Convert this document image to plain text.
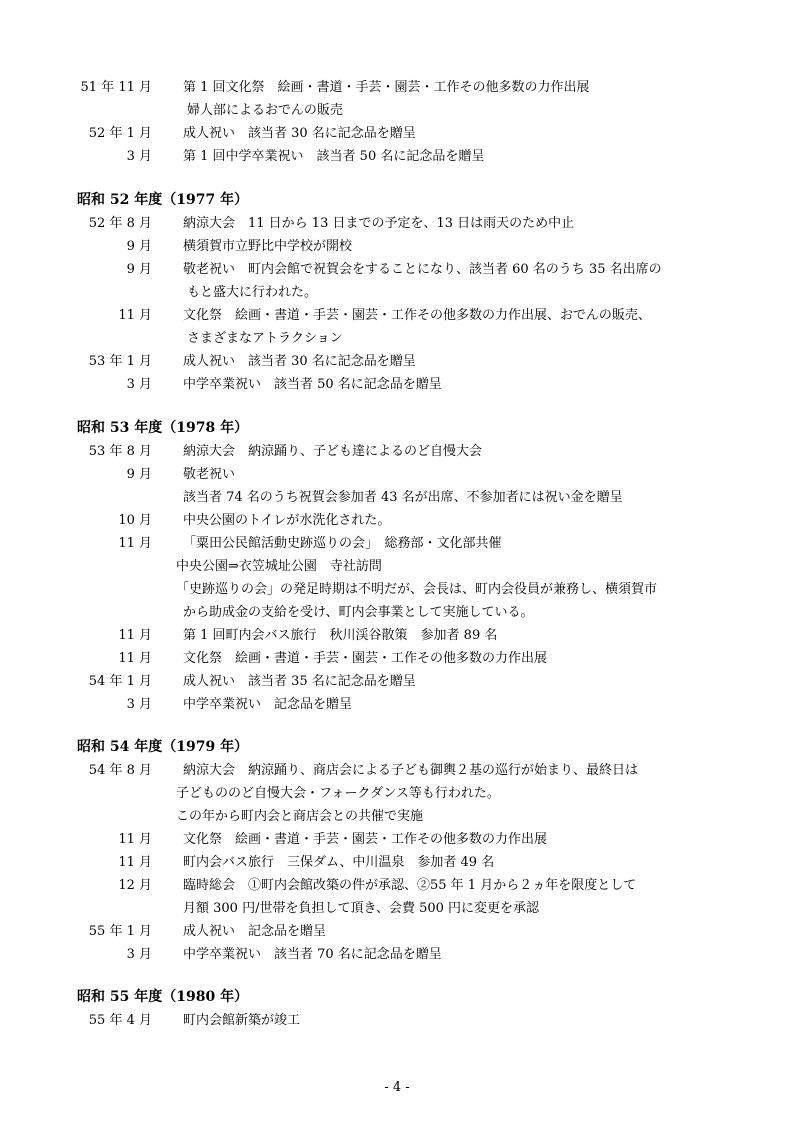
51 年 11 月 第 1 回文化祭　絵画・書道・手芸・園芸・工作その他多数の力作出展
婦人部によるおでんの販売
52 年 1 月 成人祝い　該当者 30 名に記念品を贈呈
3 月 第 1 回中学卒業祝い　該当者 50 名に記念品を贈呈
昭和 52 年度（1977 年）
52 年 8 月 納涼大会　11 日から 13 日までの予定を、13 日は雨天のため中止
9 月 横須賀市立野比中学校が開校
9 月 敬老祝い　町内会館で祝賀会をすることになり、該当者 60 名のうち 35 名出席の
もと盛大に行われた。
11 月 文化祭　絵画・書道・手芸・園芸・工作その他多数の力作出展、おでんの販売、
さまざまなアトラクション
53 年 1 月 成人祝い　該当者 30 名に記念品を贈呈
3 月 中学卒業祝い　該当者 50 名に記念品を贈呈
昭和 53 年度（1978 年）
53 年 8 月 納涼大会　納涼踊り、子ども達によるのど自慢大会
9 月 敬老祝い
該当者 74 名のうち祝賀会参加者 43 名が出席、不参加者には祝い金を贈呈
10 月 中央公園のトイレが水洗化された。
11 月 「粟田公民館活動史跡巡りの会」　総務部・文化部共催
中央公園⇒衣笠城址公園　寺社訪問
「史跡巡りの会」の発足時期は不明だが、会長は、町内会役員が兼務し、横須賀市
から助成金の支給を受け、町内会事業として実施している。
11 月 第 1 回町内会バス旅行　秋川渓谷散策　参加者 89 名
11 月 文化祭　絵画・書道・手芸・園芸・工作その他多数の力作出展
54 年 1 月 成人祝い　該当者 35 名に記念品を贈呈
3 月 中学卒業祝い　記念品を贈呈
昭和 54 年度（1979 年）
54 年 8 月 納涼大会　納涼踊り、商店会による子ども御輿２基の巡行が始まり、最終日は
子どもののど自慢大会・フォークダンス等も行われた。
この年から町内会と商店会との共催で実施
11 月 文化祭　絵画・書道・手芸・園芸・工作その他多数の力作出展
11 月 町内会バス旅行　三保ダム、中川温泉　参加者 49 名
12 月 臨時総会　①町内会館改築の件が承認、②55 年 1 月から２ヵ年を限度として
月額 300 円/世帯を負担して頂き、会費 500 円に変更を承認
55 年 1 月 成人祝い　記念品を贈呈
3 月 中学卒業祝い　該当者 70 名に記念品を贈呈
昭和 55 年度（1980 年）
55 年 4 月 町内会館新築が竣工
- 4 -
